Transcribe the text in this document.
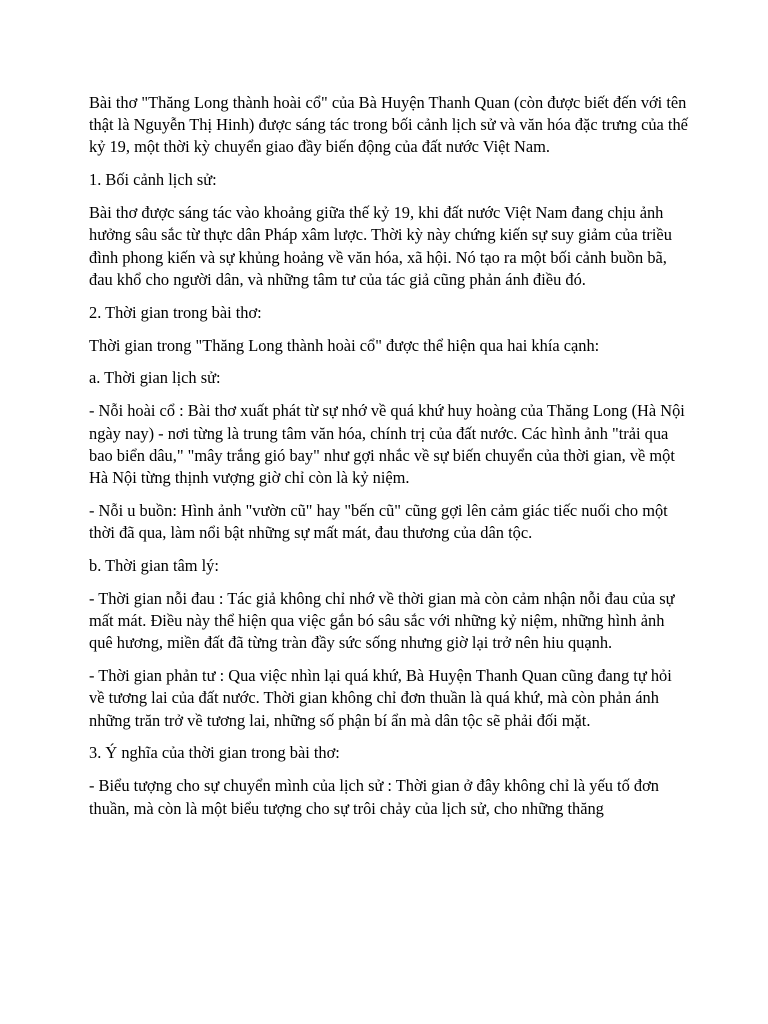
Bài thơ "Thăng Long thành hoài cổ" của Bà Huyện Thanh Quan (còn được biết đến với tên thật là Nguyễn Thị Hinh) được sáng tác trong bối cảnh lịch sử và văn hóa đặc trưng của thế kỷ 19, một thời kỳ chuyển giao đầy biến động của đất nước Việt Nam.

1. Bối cảnh lịch sử:

Bài thơ được sáng tác vào khoảng giữa thế kỷ 19, khi đất nước Việt Nam đang chịu ảnh hưởng sâu sắc từ thực dân Pháp xâm lược. Thời kỳ này chứng kiến sự suy giảm của triều đình phong kiến và sự khủng hoảng về văn hóa, xã hội. Nó tạo ra một bối cảnh buồn bã, đau khổ cho người dân, và những tâm tư của tác giả cũng phản ánh điều đó.

2. Thời gian trong bài thơ:

Thời gian trong "Thăng Long thành hoài cổ" được thể hiện qua hai khía cạnh:

a. Thời gian lịch sử:

- Nỗi hoài cổ : Bài thơ xuất phát từ sự nhớ về quá khứ huy hoàng của Thăng Long (Hà Nội ngày nay) - nơi từng là trung tâm văn hóa, chính trị của đất nước. Các hình ảnh "trải qua bao biển dâu," "mây trắng gió bay" như gợi nhắc về sự biến chuyển của thời gian, về một Hà Nội từng thịnh vượng giờ chỉ còn là kỷ niệm.

- Nỗi u buồn: Hình ảnh "vườn cũ" hay "bến cũ" cũng gợi lên cảm giác tiếc nuối cho một thời đã qua, làm nổi bật những sự mất mát, đau thương của dân tộc.

b. Thời gian tâm lý:

- Thời gian nỗi đau : Tác giả không chỉ nhớ về thời gian mà còn cảm nhận nỗi đau của sự mất mát. Điều này thể hiện qua việc gắn bó sâu sắc với những kỷ niệm, những hình ảnh quê hương, miền đất đã từng tràn đầy sức sống nhưng giờ lại trở nên hiu quạnh.

- Thời gian phản tư : Qua việc nhìn lại quá khứ, Bà Huyện Thanh Quan cũng đang tự hỏi về tương lai của đất nước. Thời gian không chỉ đơn thuần là quá khứ, mà còn phản ánh những trăn trở về tương lai, những số phận bí ẩn mà dân tộc sẽ phải đối mặt.

3. Ý nghĩa của thời gian trong bài thơ:

- Biểu tượng cho sự chuyển mình của lịch sử : Thời gian ở đây không chỉ là yếu tố đơn thuần, mà còn là một biểu tượng cho sự trôi chảy của lịch sử, cho những thăng
